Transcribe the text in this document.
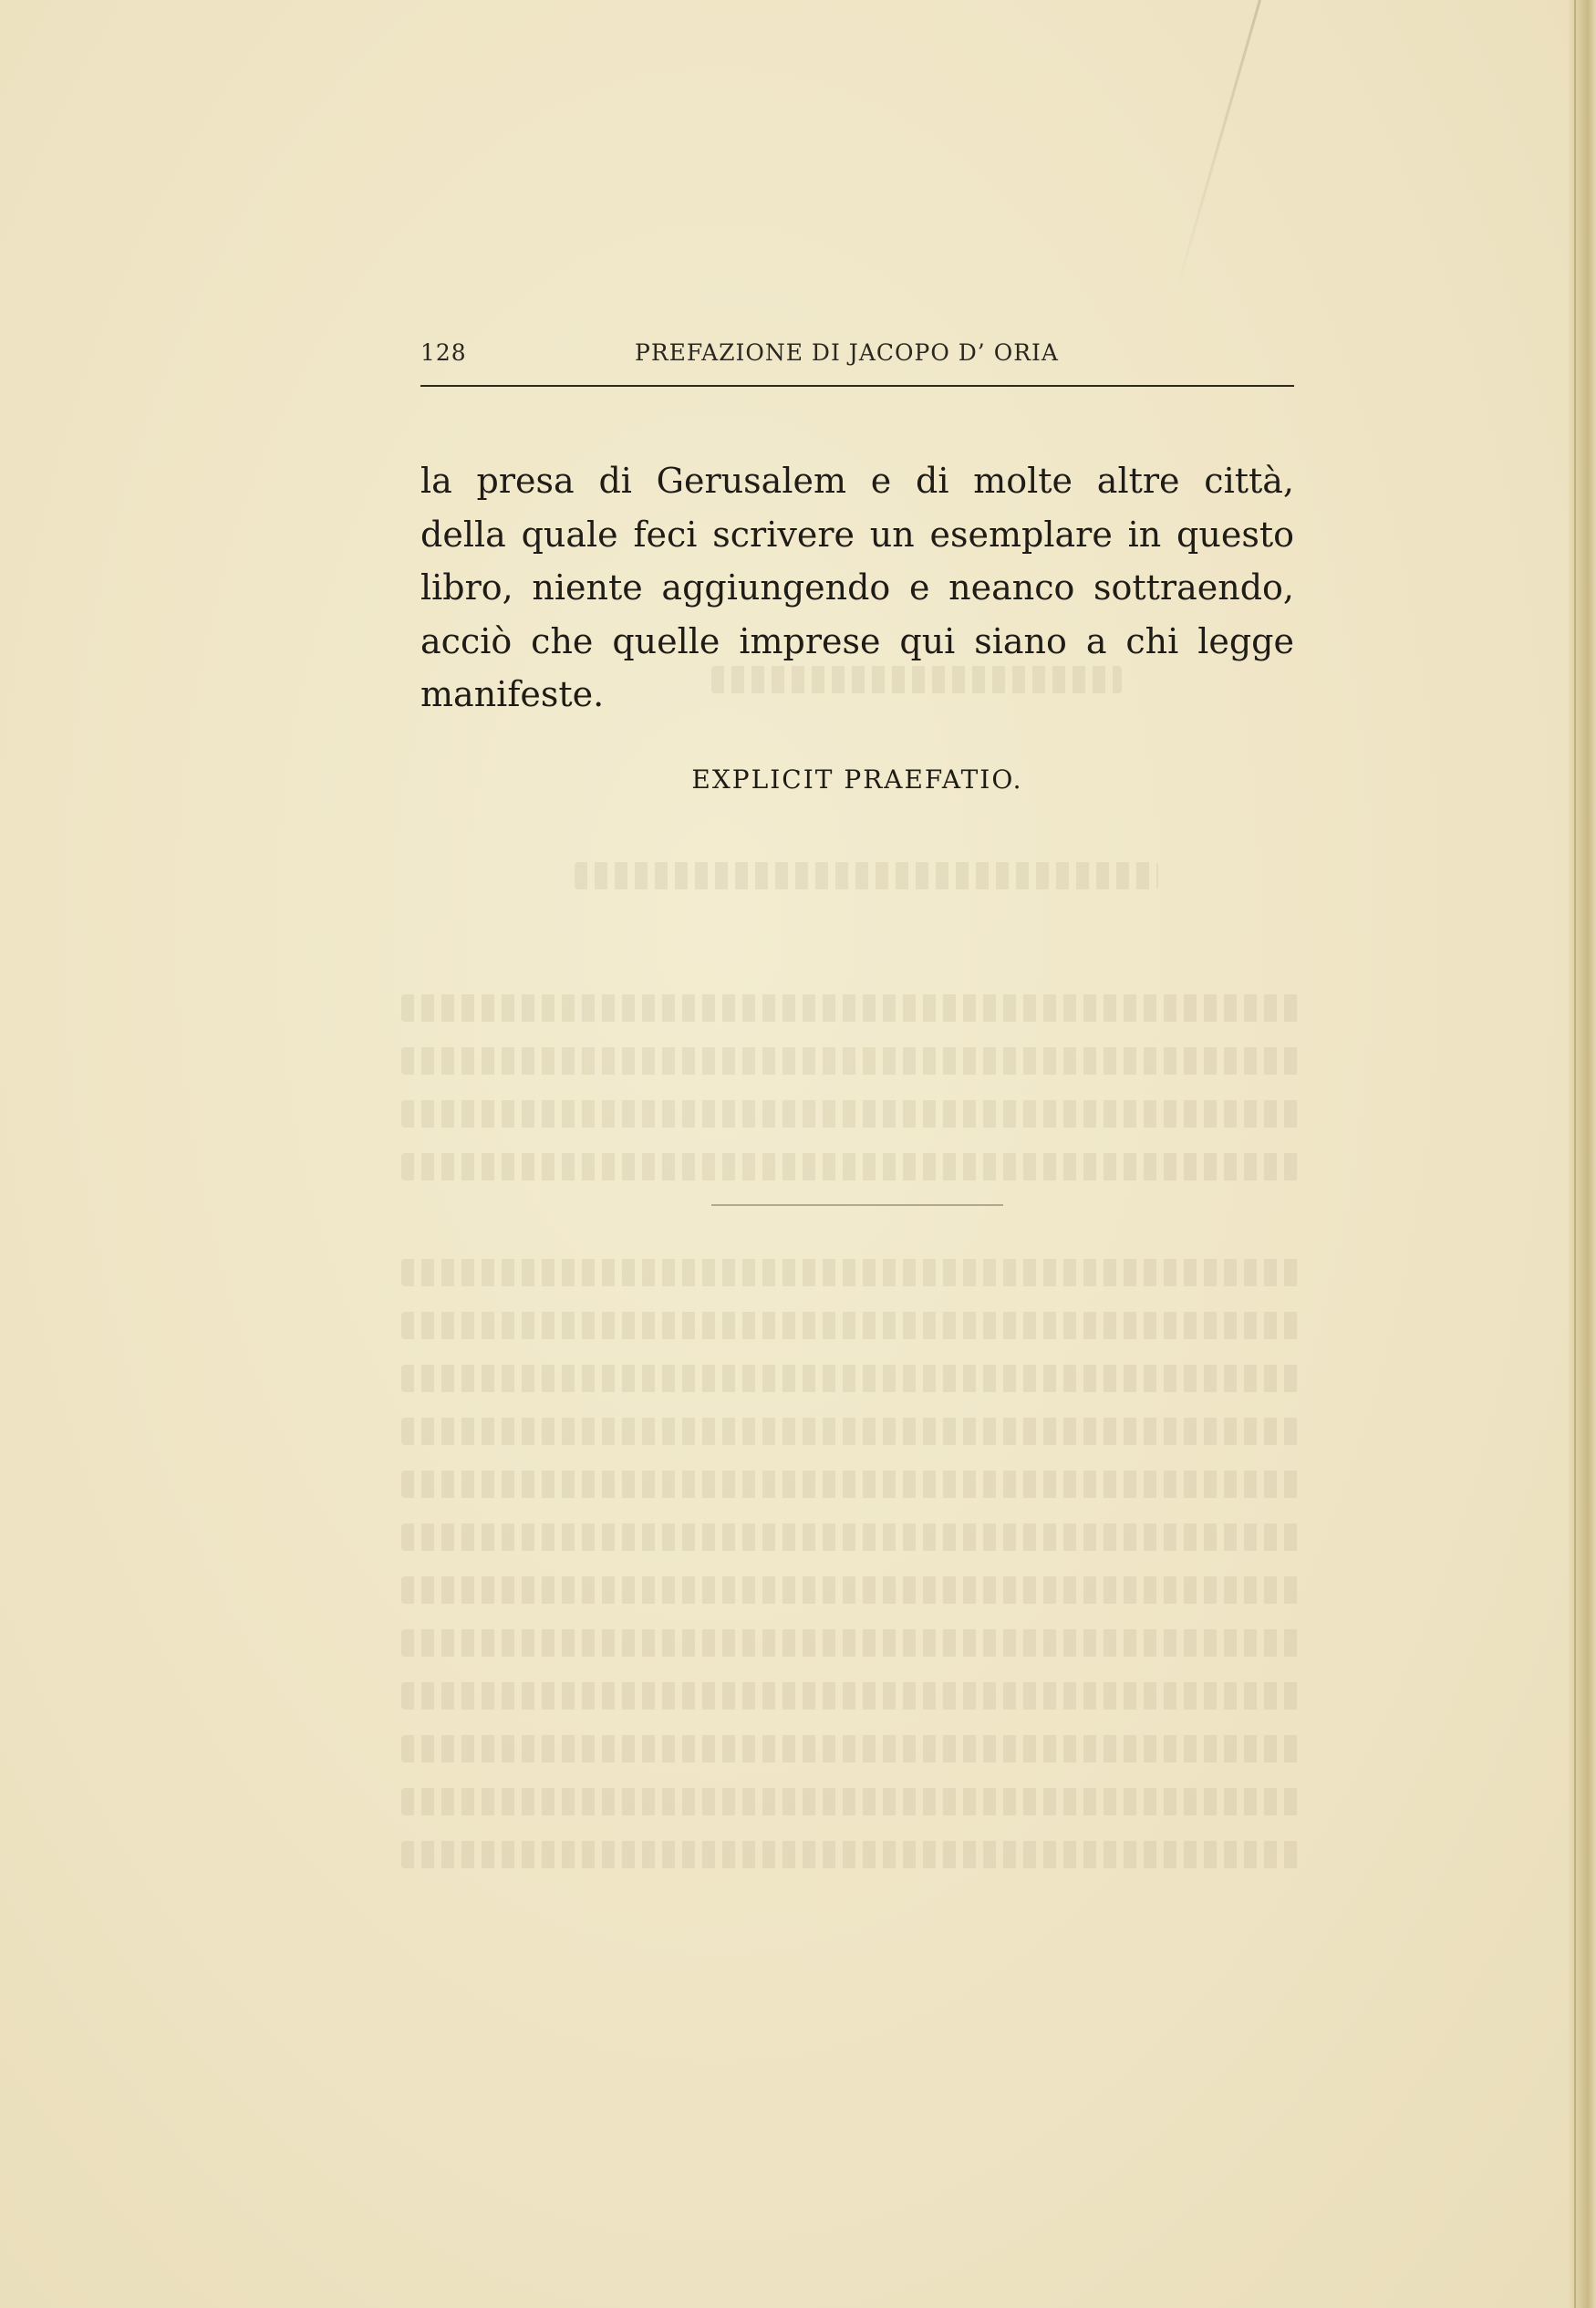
128	PREFAZIONE DI JACOPO D’ ORIA
la presa di Gerusalem e di molte altre città,
della quale feci scrivere un esemplare in questo
libro, niente aggiungendo e neanco sottraendo,
acciò che quelle imprese qui siano a chi legge
manifeste.
EXPLICIT PRAEFATIO.
